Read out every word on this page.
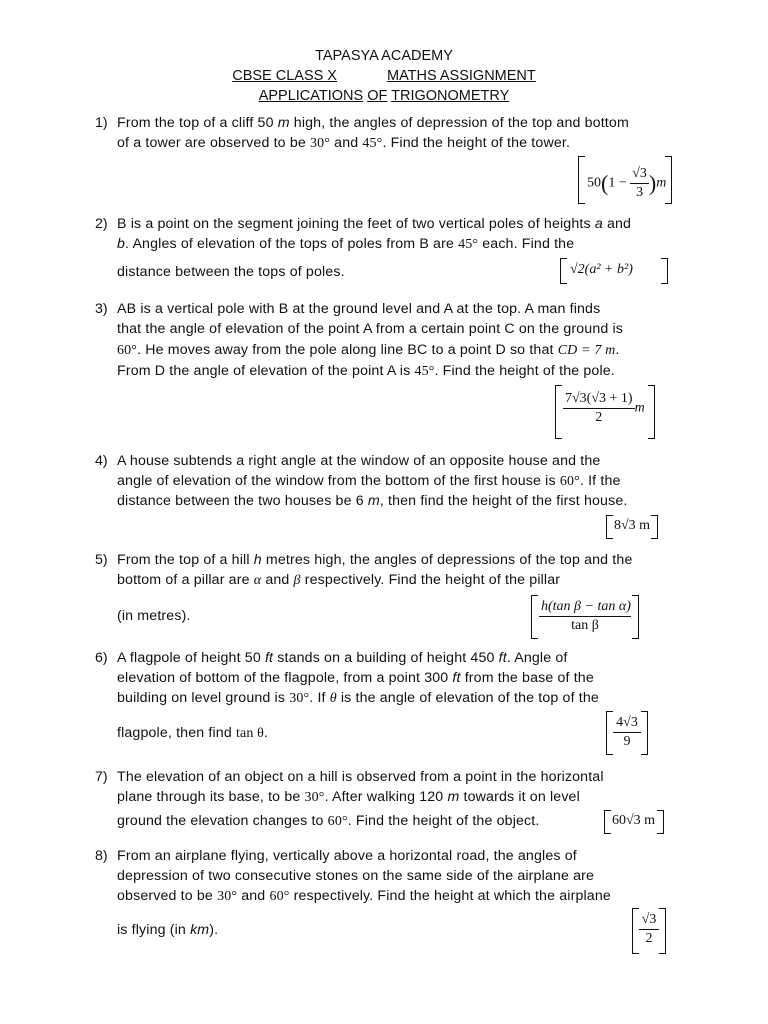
TAPASYA ACADEMY
CBSE CLASS X	MATHS ASSIGNMENT
APPLICATIONS OF TRIGONOMETRY
1) From the top of a cliff 50 m high, the angles of depression of the top and bottom
of a tower are observed to be 30° and 45°. Find the height of the tower.
$50(1 - \frac{√3}{3} )m$
2) B is a point on the segment joining the feet of two vertical poles of heights a and
b. Angles of elevation of the tops of poles from B are 45° each. Find the
distance between the tops of poles.	√2(a² + b²)
3) AB is a vertical pole with B at the ground level and A at the top. A man finds
that the angle of elevation of the point A from a certain point C on the ground is
60°. He moves away from the pole along line BC to a point D so that CD = 7 m.
From D the angle of elevation of the point A is 45°. Find the height of the pole.
$\frac{7√3(√3 + 1)}{2}$ m
4) A house subtends a right angle at the window of an opposite house and the
angle of elevation of the window from the bottom of the first house is 60°. If the
distance between the two houses be 6 m, then find the height of the first house.
8√3 m
5) From the top of a hill h metres high, the angles of depressions of the top and the
bottom of a pillar are α and β respectively. Find the height of the pillar
(in metres).	$\frac{\text{h(tan β − tan α)}}{\text{tan β}}$
6) A flagpole of height 50 ft stands on a building of height 450 ft. Angle of
elevation of bottom of the flagpole, from a point 300 ft from the base of the
building on level ground is 30°. If θ is the angle of elevation of the top of the
flagpole, then find tan θ.	$\frac{4√3}{9}$
7) The elevation of an object on a hill is observed from a point in the horizontal
plane through its base, to be 30°. After walking 120 m towards it on level
ground the elevation changes to 60°. Find the height of the object.	60√3 m
8) From an airplane flying, vertically above a horizontal road, the angles of
depression of two consecutive stones on the same side of the airplane are
observed to be 30° and 60° respectively. Find the height at which the airplane
is flying (in km).	$\frac{√3}{2}$
